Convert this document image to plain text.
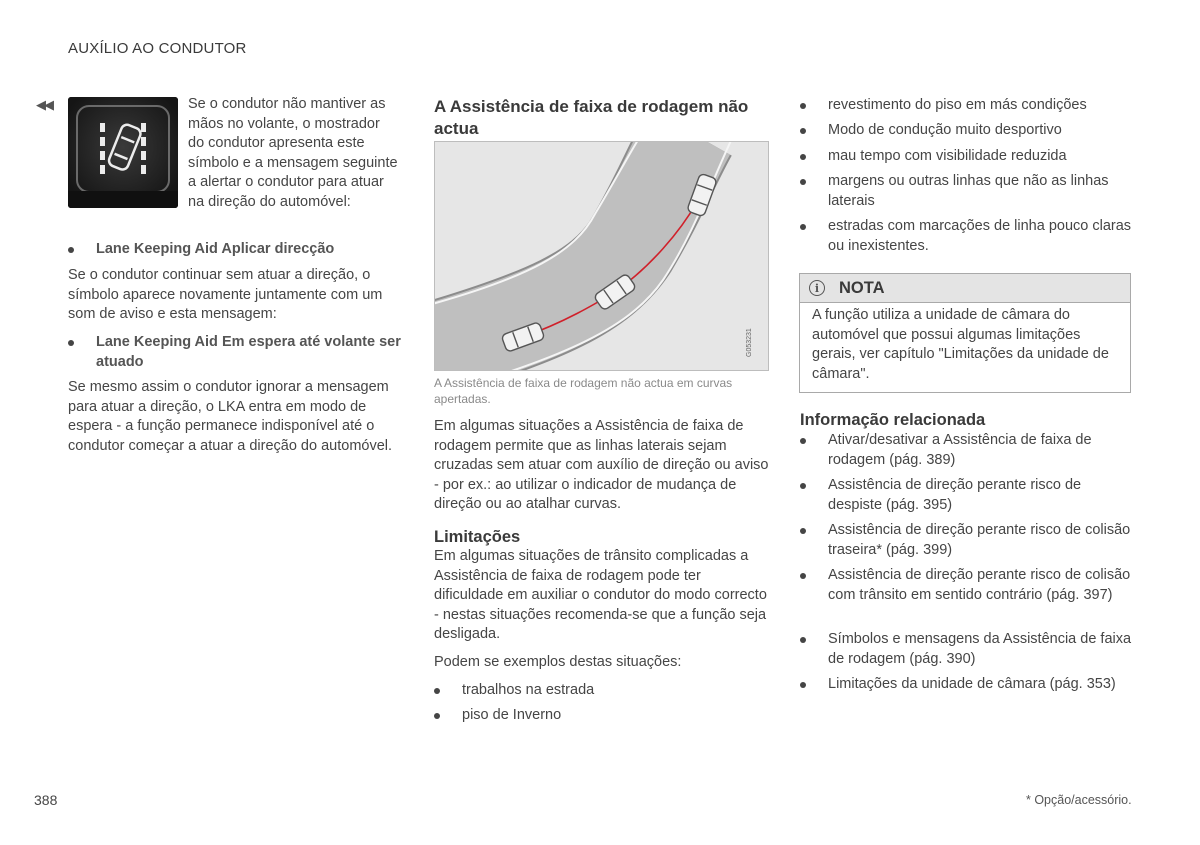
AUXÍLIO AO CONDUTOR
◀◀	Se o condutor não mantiver as mãos no volante, o mostrador do condutor apresenta este símbolo e a mensagem seguinte a alertar o condutor para atuar na direção do automóvel:

Lane Keeping Aid Aplicar direcção

Se o condutor continuar sem atuar a direção, o símbolo aparece novamente juntamente com um som de aviso e esta mensagem:

Lane Keeping Aid Em espera até volante ser atuado

Se mesmo assim o condutor ignorar a mensagem para atuar a direção, o LKA entra em modo de espera - a função permanece indisponível até o condutor começar a atuar a direção do automóvel.

A Assistência de faixa de rodagem não actua
G053231
A Assistência de faixa de rodagem não actua em curvas apertadas.

Em algumas situações a Assistência de faixa de rodagem permite que as linhas laterais sejam cruzadas sem atuar com auxílio de direção ou aviso - por ex.: ao utilizar o indicador de mudança de direção ou ao atalhar curvas.

Limitações

Em algumas situações de trânsito complicadas a Assistência de faixa de rodagem pode ter dificuldade em auxiliar o condutor do modo correcto - nestas situações recomenda-se que a função seja desligada.

Podem se exemplos destas situações:

trabalhos na estrada
piso de Inverno
revestimento do piso em más condições
Modo de condução muito desportivo
mau tempo com visibilidade reduzida
margens ou outras linhas que não as linhas laterais
estradas com marcações de linha pouco claras ou inexistentes.
i	NOTA

A função utiliza a unidade de câmara do automóvel que possui algumas limitações gerais, ver capítulo "Limitações da unidade de câmara".

Informação relacionada
Ativar/desativar a Assistência de faixa de rodagem (pág. 389)
Assistência de direção perante risco de despiste (pág. 395)
Assistência de direção perante risco de colisão traseira* (pág. 399)
Assistência de direção perante risco de colisão com trânsito em sentido contrário (pág. 397)
Símbolos e mensagens da Assistência de faixa de rodagem (pág. 390)
Limitações da unidade de câmara (pág. 353)
388	* Opção/acessório.
